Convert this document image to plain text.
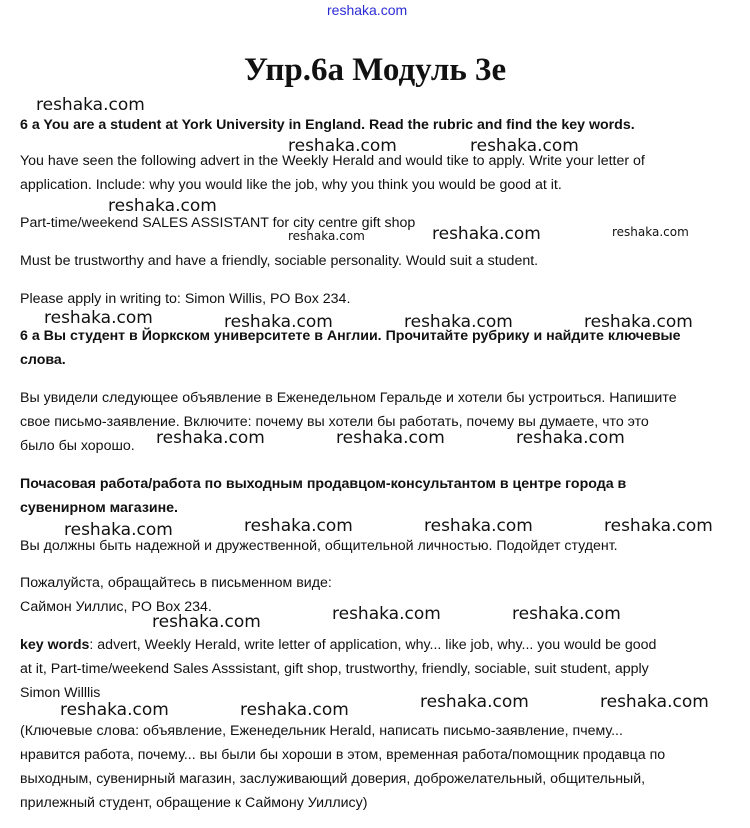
reshaka.com
Упр.6а Модуль 3е
reshaka.com
reshaka.com	reshaka.com
reshaka.com
reshaka.com	reshaka.com	reshaka.com
reshaka.com	reshaka.com	reshaka.com	reshaka.com
reshaka.com	reshaka.com	reshaka.com
reshaka.com	reshaka.com	reshaka.com	reshaka.com
reshaka.com	reshaka.com
reshaka.com
reshaka.com	reshaka.com	reshaka.com	reshaka.com
6 a You are a student at York University in England. Read the rubric and find the key words.
You have seen the following advert in the Weekly Herald and would tike to apply. Write your letter of
application. Include: why you would like the job, why you think you would be good at it.
Part-time/weekend SALES ASSISTANT for city centre gift shop
Must be trustworthy and have a friendly, sociable personality. Would suit a student.
Please apply in writing to: Simon Willis, PO Box 234.
6 а Вы студент в Йоркском университете в Англии. Прочитайте рубрику и найдите ключевые
слова.
Вы увидели следующее объявление в Еженедельном Геральде и хотели бы устроиться. Напишите
свое письмо-заявление. Включите: почему вы хотели бы работать, почему вы думаете, что это
было бы хорошо.
Почасовая работа/работа по выходным продавцом-консультантом в центре города в
сувенирном магазине.
Вы должны быть надежной и дружественной, общительной личностью. Подойдет студент.
Пожалуйста, обращайтесь в письменном виде:
Саймон Уиллис, PO Box 234.
key words: advert, Weekly Herald, write letter of application, why... like job, why... you would be good
at it, Part-time/weekend Sales Asssistant, gift shop, trustworthy, friendly, sociable, suit student, apply
Simon Willlis
(Ключевые слова: объявление, Еженедельник Herald, написать письмо-заявление, пчему...
нравится работа, почему... вы были бы хороши в этом, временная работа/помощник продавца по
выходным, сувенирный магазин, заслуживающий доверия, доброжелательный, общительный,
прилежный студент, обращение к Саймону Уиллису)
